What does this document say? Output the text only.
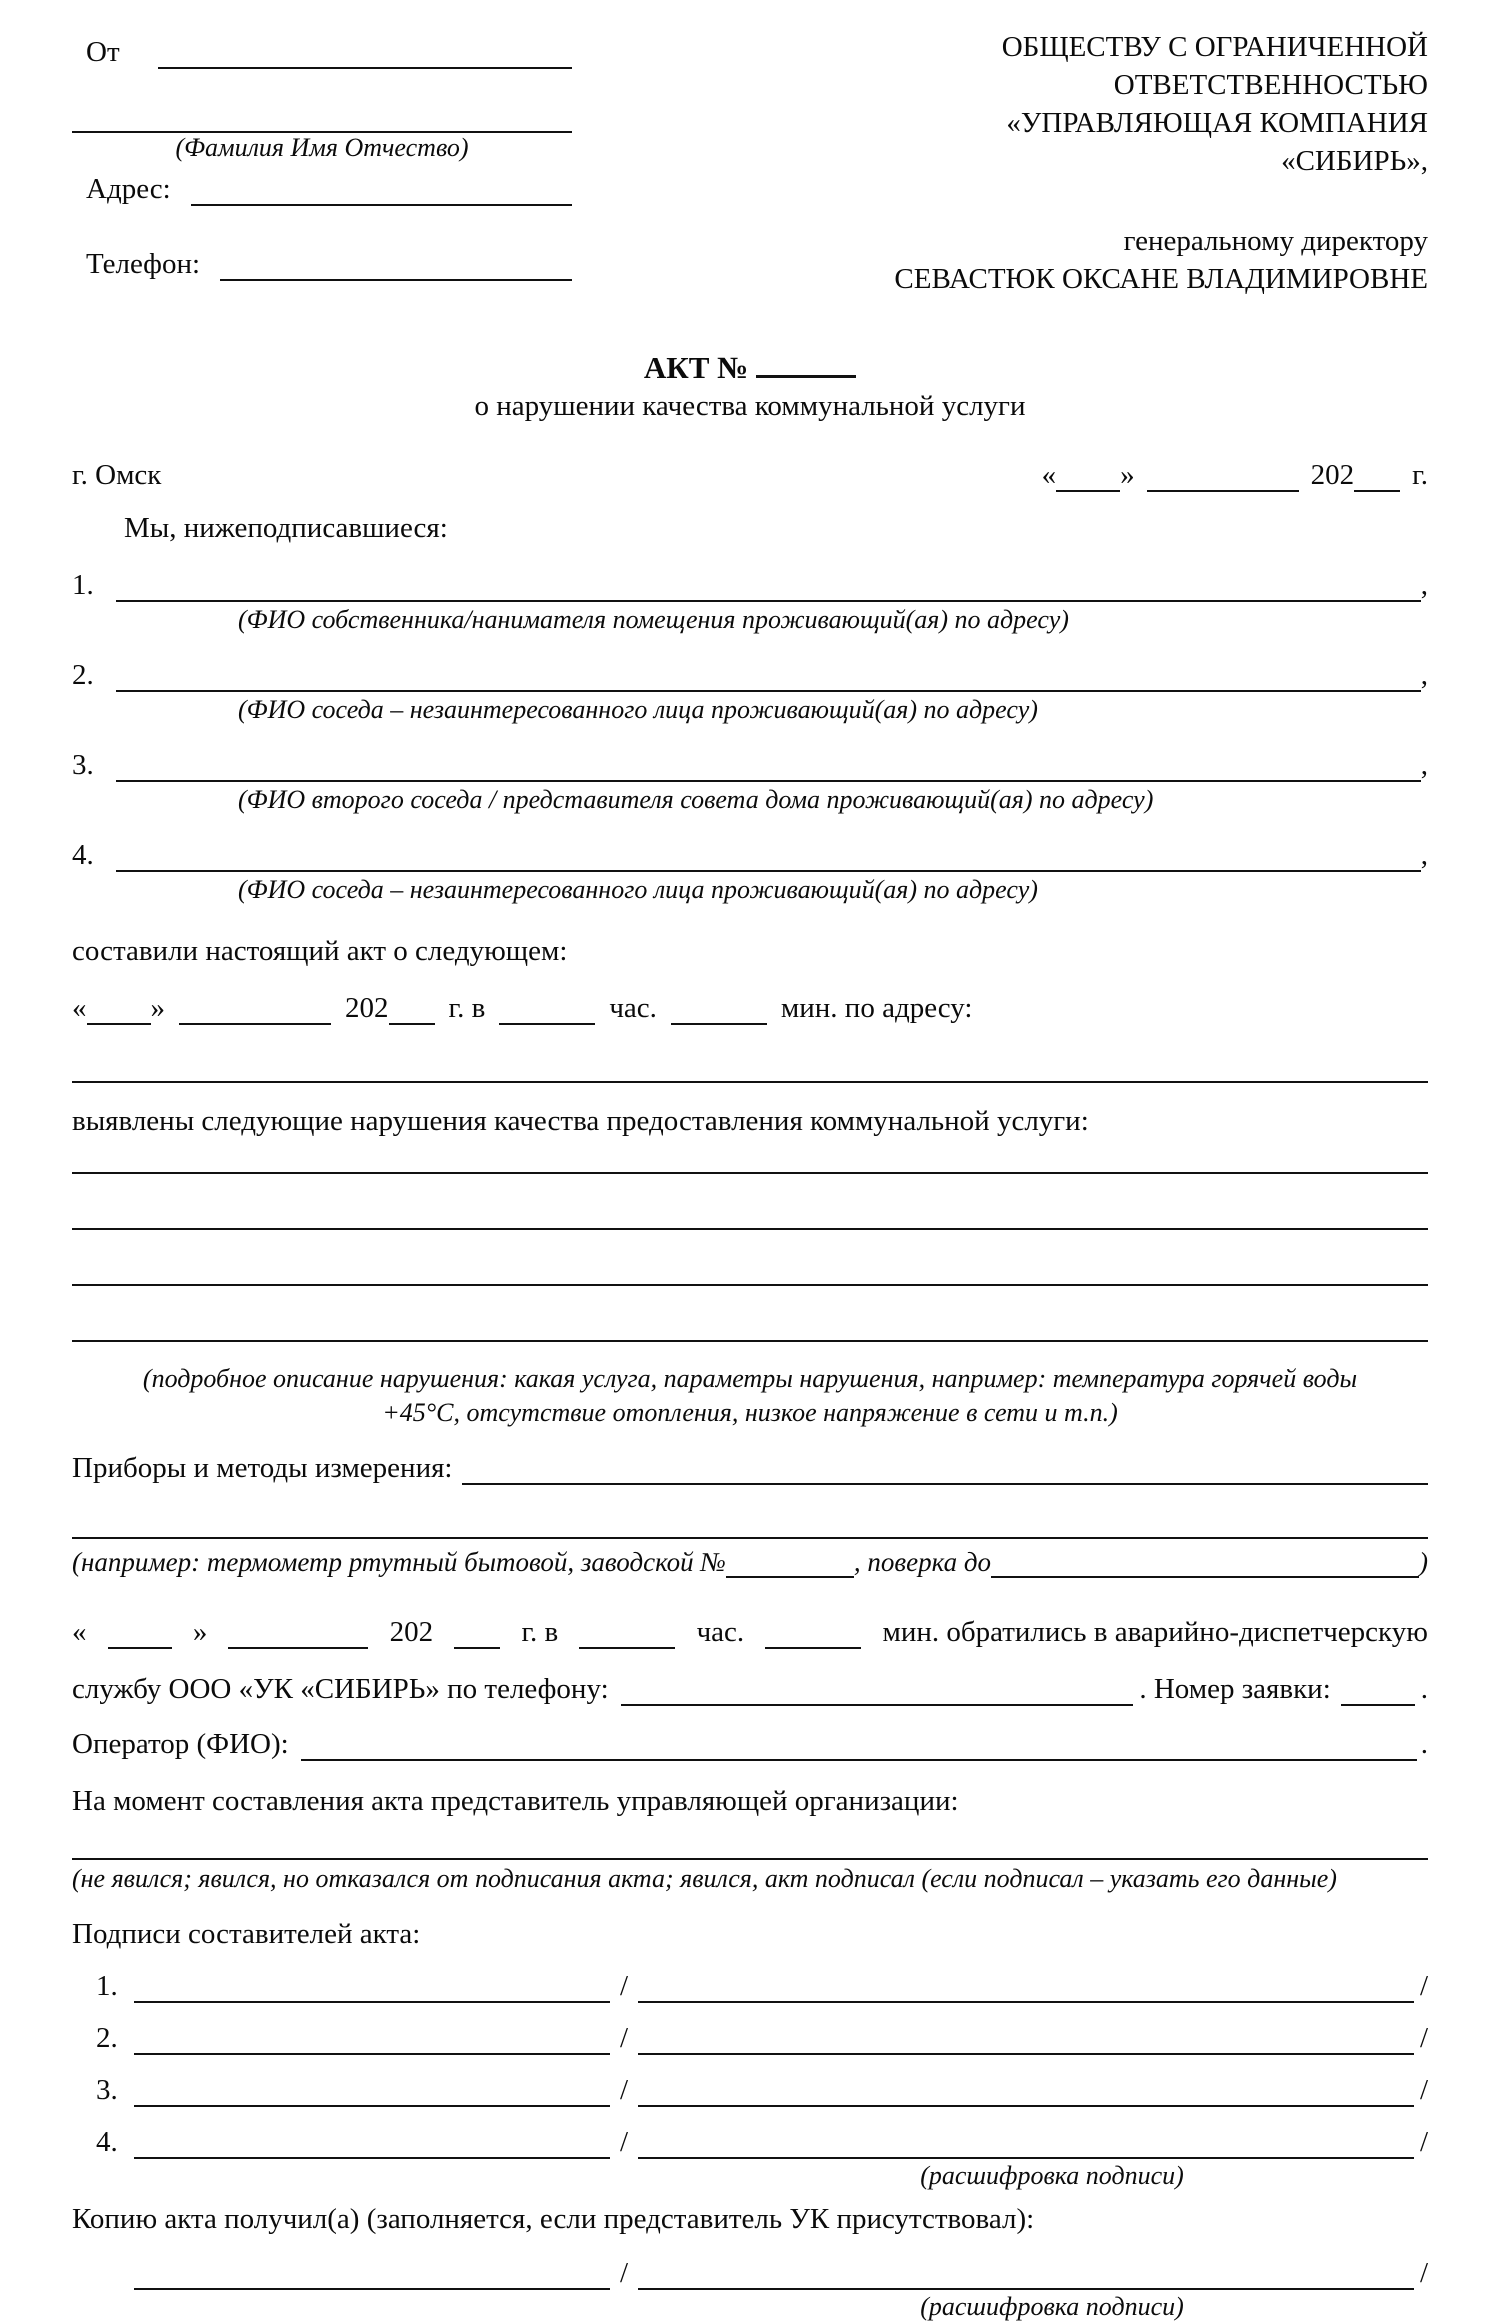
От
(Фамилия Имя Отчество)
Адрес:
Телефон:
ОБЩЕСТВУ С ОГРАНИЧЕННОЙ
ОТВЕТСТВЕННОСТЬЮ
«УПРАВЛЯЮЩАЯ КОМПАНИЯ
«СИБИРЬ»,
генеральному директору
СЕВАСТЮК ОКСАНЕ ВЛАДИМИРОВНЕ
АКТ №
о нарушении качества коммунальной услуги
г. Омск	« »	202 г.
Мы, нижеподписавшиеся:
1.	,
(ФИО собственника/нанимателя помещения проживающий(ая) по адресу)
2.	,
(ФИО соседа – незаинтересованного лица проживающий(ая) по адресу)
3.	,
(ФИО второго соседа / представителя совета дома проживающий(ая) по адресу)
4.	,
(ФИО соседа – незаинтересованного лица проживающий(ая) по адресу)
составили настоящий акт о следующем:
« »	202 г. в	час.	мин. по адресу:
выявлены следующие нарушения качества предоставления коммунальной услуги:
(подробное описание нарушения: какая услуга, параметры нарушения, например: температура горячей воды
+45°С, отсутствие отопления, низкое напряжение в сети и т.п.)
Приборы и методы измерения:
(например: термометр ртутный бытовой, заводской №	, поверка до	)
«	»	202	г. в	час.	мин. обратились в аварийно-диспетчерскую
службу ООО «УК «СИБИРЬ» по телефону:	. Номер заявки:	.
Оператор (ФИО):	.
На момент составления акта представитель управляющей организации:
(не явился; явился, но отказался от подписания акта; явился, акт подписал (если подписал – указать его данные)
Подписи составителей акта:
1.	/	/
2.	/	/
3.	/	/
4.	/	/
(расшифровка подписи)
Копию акта получил(а) (заполняется, если представитель УК присутствовал):
/	/
(расшифровка подписи)
